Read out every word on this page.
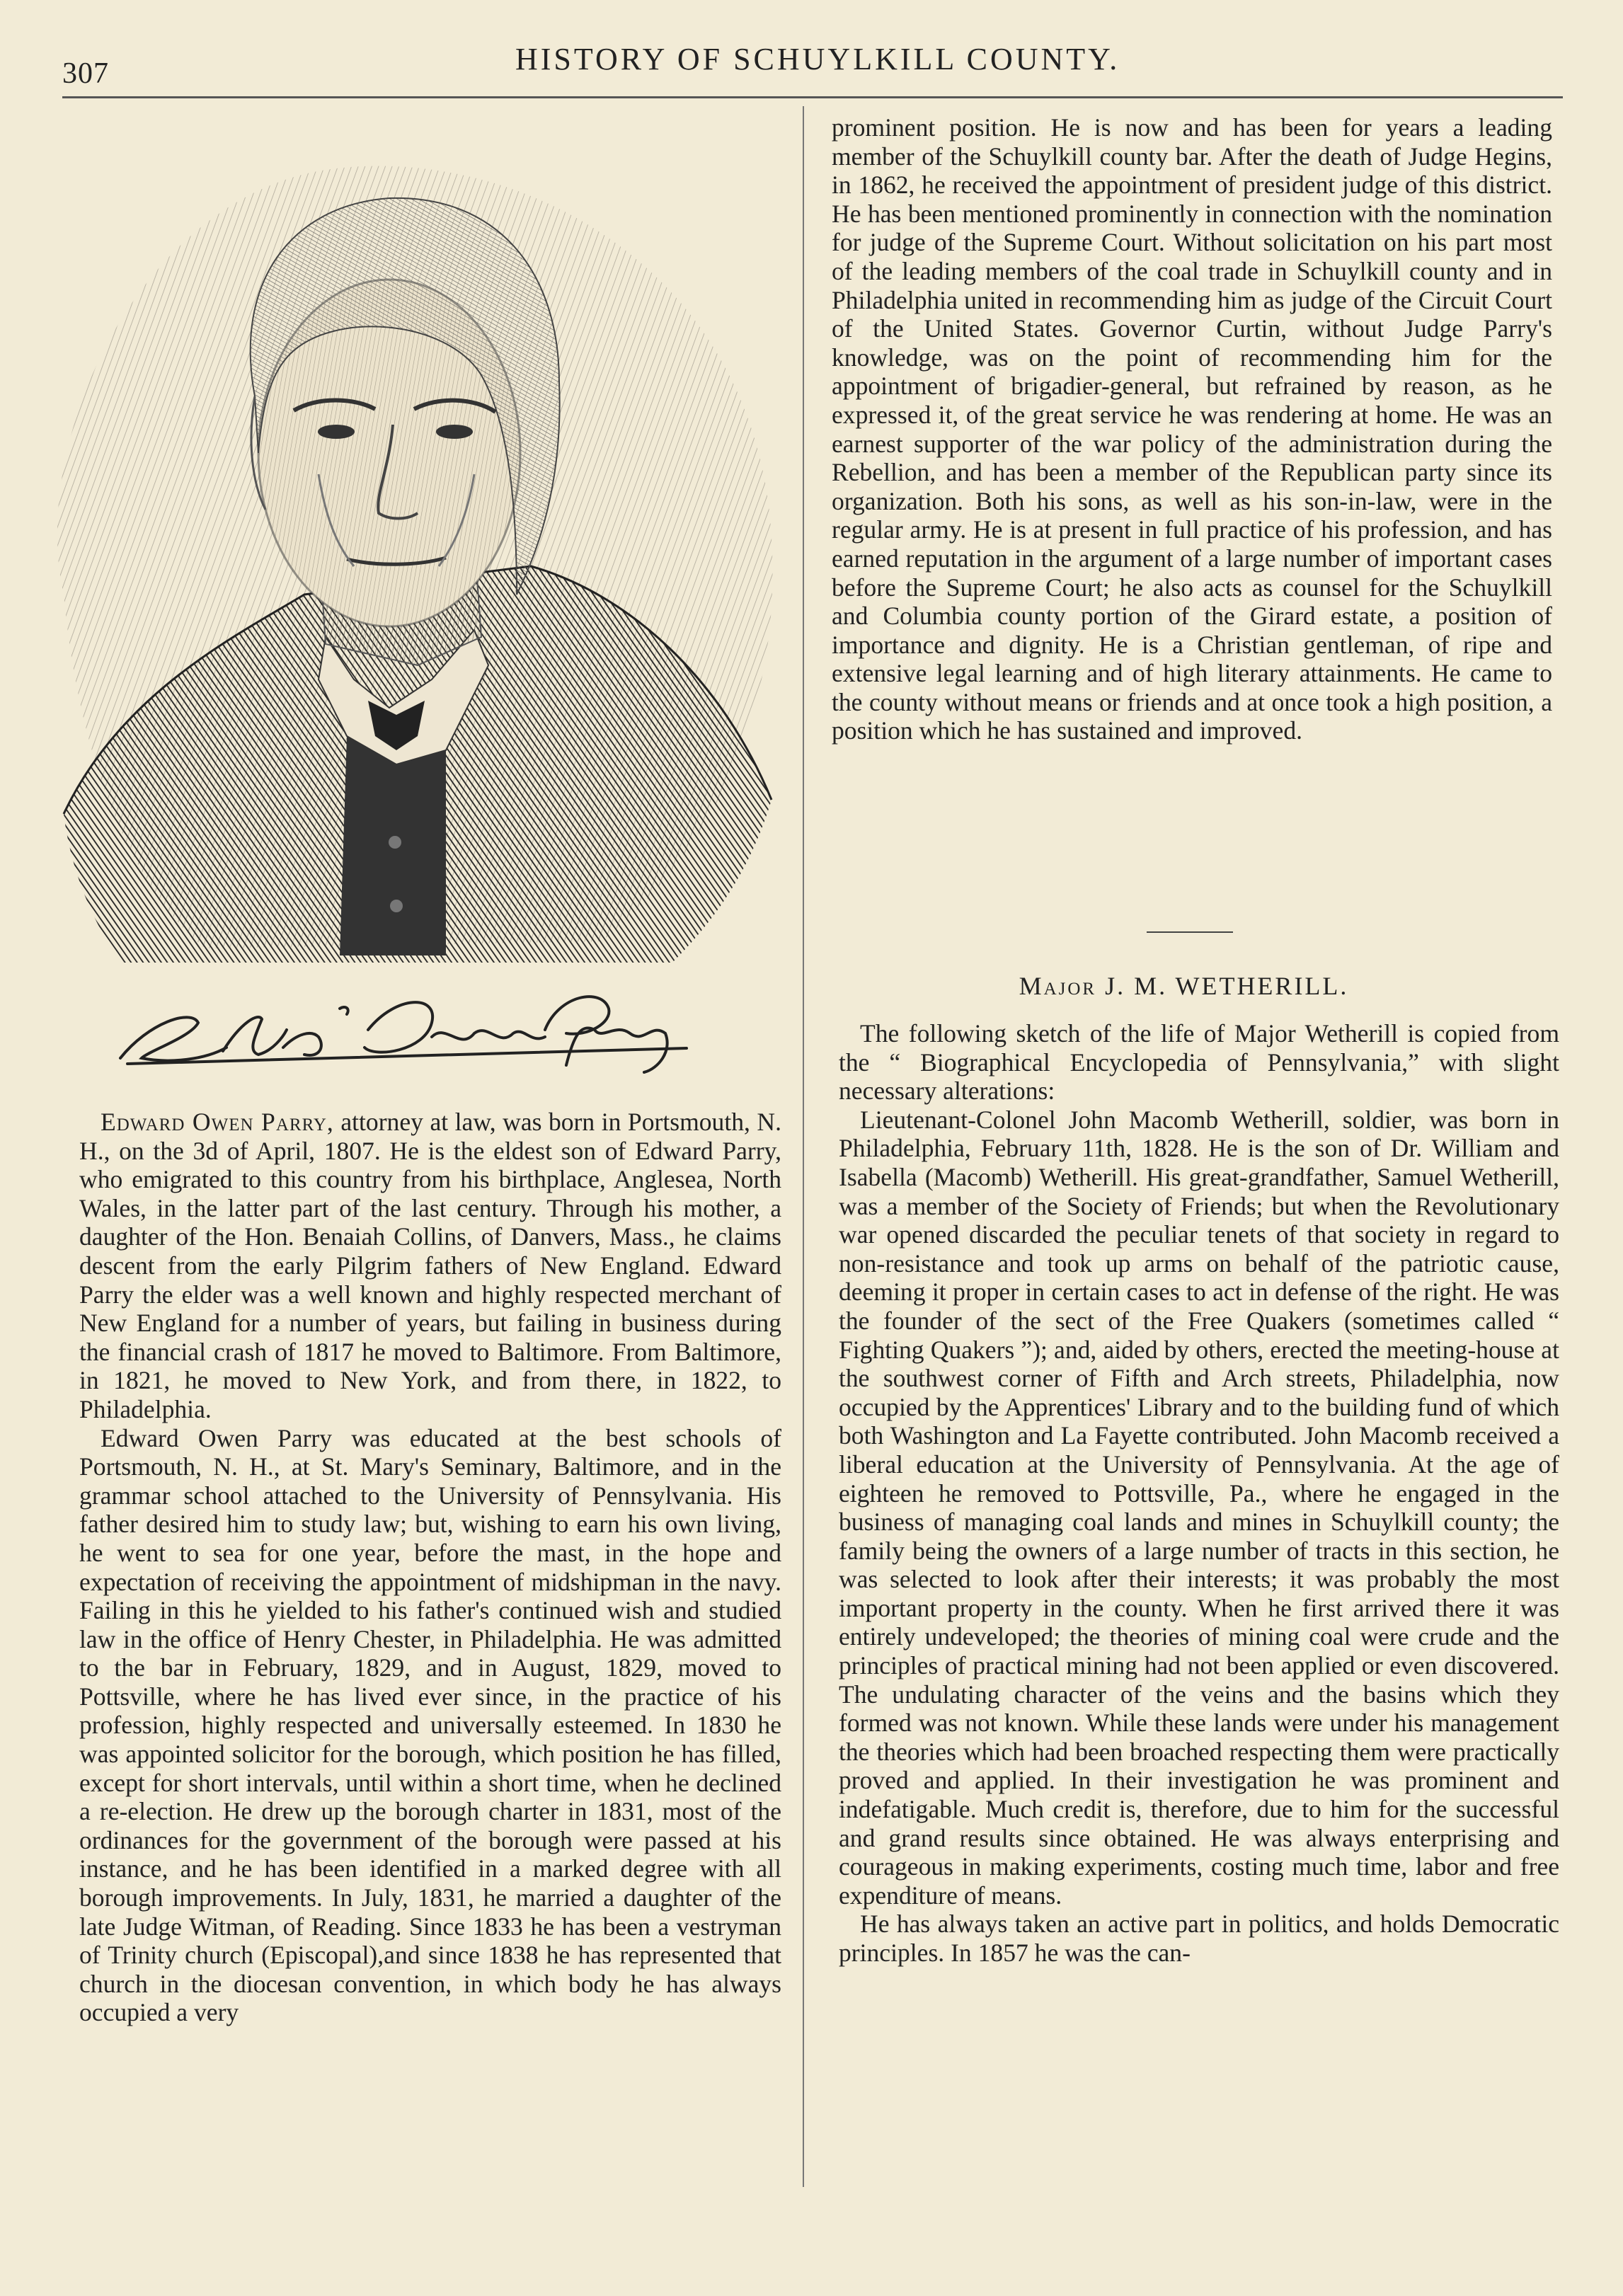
307	HISTORY OF SCHUYLKILL COUNTY.

Edward Owen Parry, attorney at law, was born in Portsmouth, N. H., on the 3d of April, 1807. He is the eldest son of Edward Parry, who emigrated to this country from his birthplace, Anglesea, North Wales, in the latter part of the last century. Through his mother, a daughter of the Hon. Benaiah Collins, of Danvers, Mass., he claims descent from the early Pilgrim fathers of New England. Edward Parry the elder was a well known and highly respected merchant of New England for a number of years, but failing in business during the financial crash of 1817 he moved to Baltimore. From Baltimore, in 1821, he moved to New York, and from there, in 1822, to Philadelphia.

Edward Owen Parry was educated at the best schools of Portsmouth, N. H., at St. Mary's Seminary, Baltimore, and in the grammar school attached to the University of Pennsylvania. His father desired him to study law; but, wishing to earn his own living, he went to sea for one year, before the mast, in the hope and expectation of receiving the appointment of midshipman in the navy. Failing in this he yielded to his father's continued wish and studied law in the office of Henry Chester, in Philadelphia. He was admitted to the bar in February, 1829, and in August, 1829, moved to Pottsville, where he has lived ever since, in the practice of his profession, highly respected and universally esteemed. In 1830 he was appointed solicitor for the borough, which position he has filled, except for short intervals, until within a short time, when he declined a re-election. He drew up the borough charter in 1831, most of the ordinances for the government of the borough were passed at his instance, and he has been identified in a marked degree with all borough improvements. In July, 1831, he married a daughter of the late Judge Witman, of Reading. Since 1833 he has been a vestryman of Trinity church (Episcopal),and since 1838 he has represented that church in the diocesan convention, in which body he has always occupied a very

prominent position. He is now and has been for years a leading member of the Schuylkill county bar. After the death of Judge Hegins, in 1862, he received the appointment of president judge of this district. He has been mentioned prominently in connection with the nomination for judge of the Supreme Court. Without solicitation on his part most of the leading members of the coal trade in Schuylkill county and in Philadelphia united in recommending him as judge of the Circuit Court of the United States. Governor Curtin, without Judge Parry's knowledge, was on the point of recommending him for the appointment of brigadier-general, but refrained by reason, as he expressed it, of the great service he was rendering at home. He was an earnest supporter of the war policy of the administration during the Rebellion, and has been a member of the Republican party since its organization. Both his sons, as well as his son-in-law, were in the regular army. He is at present in full practice of his profession, and has earned reputation in the argument of a large number of important cases before the Supreme Court; he also acts as counsel for the Schuylkill and Columbia county portion of the Girard estate, a position of importance and dignity. He is a Christian gentleman, of ripe and extensive legal learning and of high literary attainments. He came to the county without means or friends and at once took a high position, a position which he has sustained and improved.

Major J. M. WETHERILL.

The following sketch of the life of Major Wetherill is copied from the “ Biographical Encyclopedia of Pennsylvania,” with slight necessary alterations:

Lieutenant-Colonel John Macomb Wetherill, soldier, was born in Philadelphia, February 11th, 1828. He is the son of Dr. William and Isabella (Macomb) Wetherill. His great-grandfather, Samuel Wetherill, was a member of the Society of Friends; but when the Revolutionary war opened discarded the peculiar tenets of that society in regard to non-resistance and took up arms on behalf of the patriotic cause, deeming it proper in certain cases to act in defense of the right. He was the founder of the sect of the Free Quakers (sometimes called “ Fighting Quakers ”); and, aided by others, erected the meeting-house at the southwest corner of Fifth and Arch streets, Philadelphia, now occupied by the Apprentices' Library and to the building fund of which both Washington and La Fayette contributed. John Macomb received a liberal education at the University of Pennsylvania. At the age of eighteen he removed to Pottsville, Pa., where he engaged in the business of managing coal lands and mines in Schuylkill county; the family being the owners of a large number of tracts in this section, he was selected to look after their interests; it was probably the most important property in the county. When he first arrived there it was entirely undeveloped; the theories of mining coal were crude and the principles of practical mining had not been applied or even discovered. The undulating character of the veins and the basins which they formed was not known. While these lands were under his management the theories which had been broached respecting them were practically proved and applied. In their investigation he was prominent and indefatigable. Much credit is, therefore, due to him for the successful and grand results since obtained. He was always enterprising and courageous in making experiments, costing much time, labor and free expenditure of means.

He has always taken an active part in politics, and holds Democratic principles. In 1857 he was the can-
